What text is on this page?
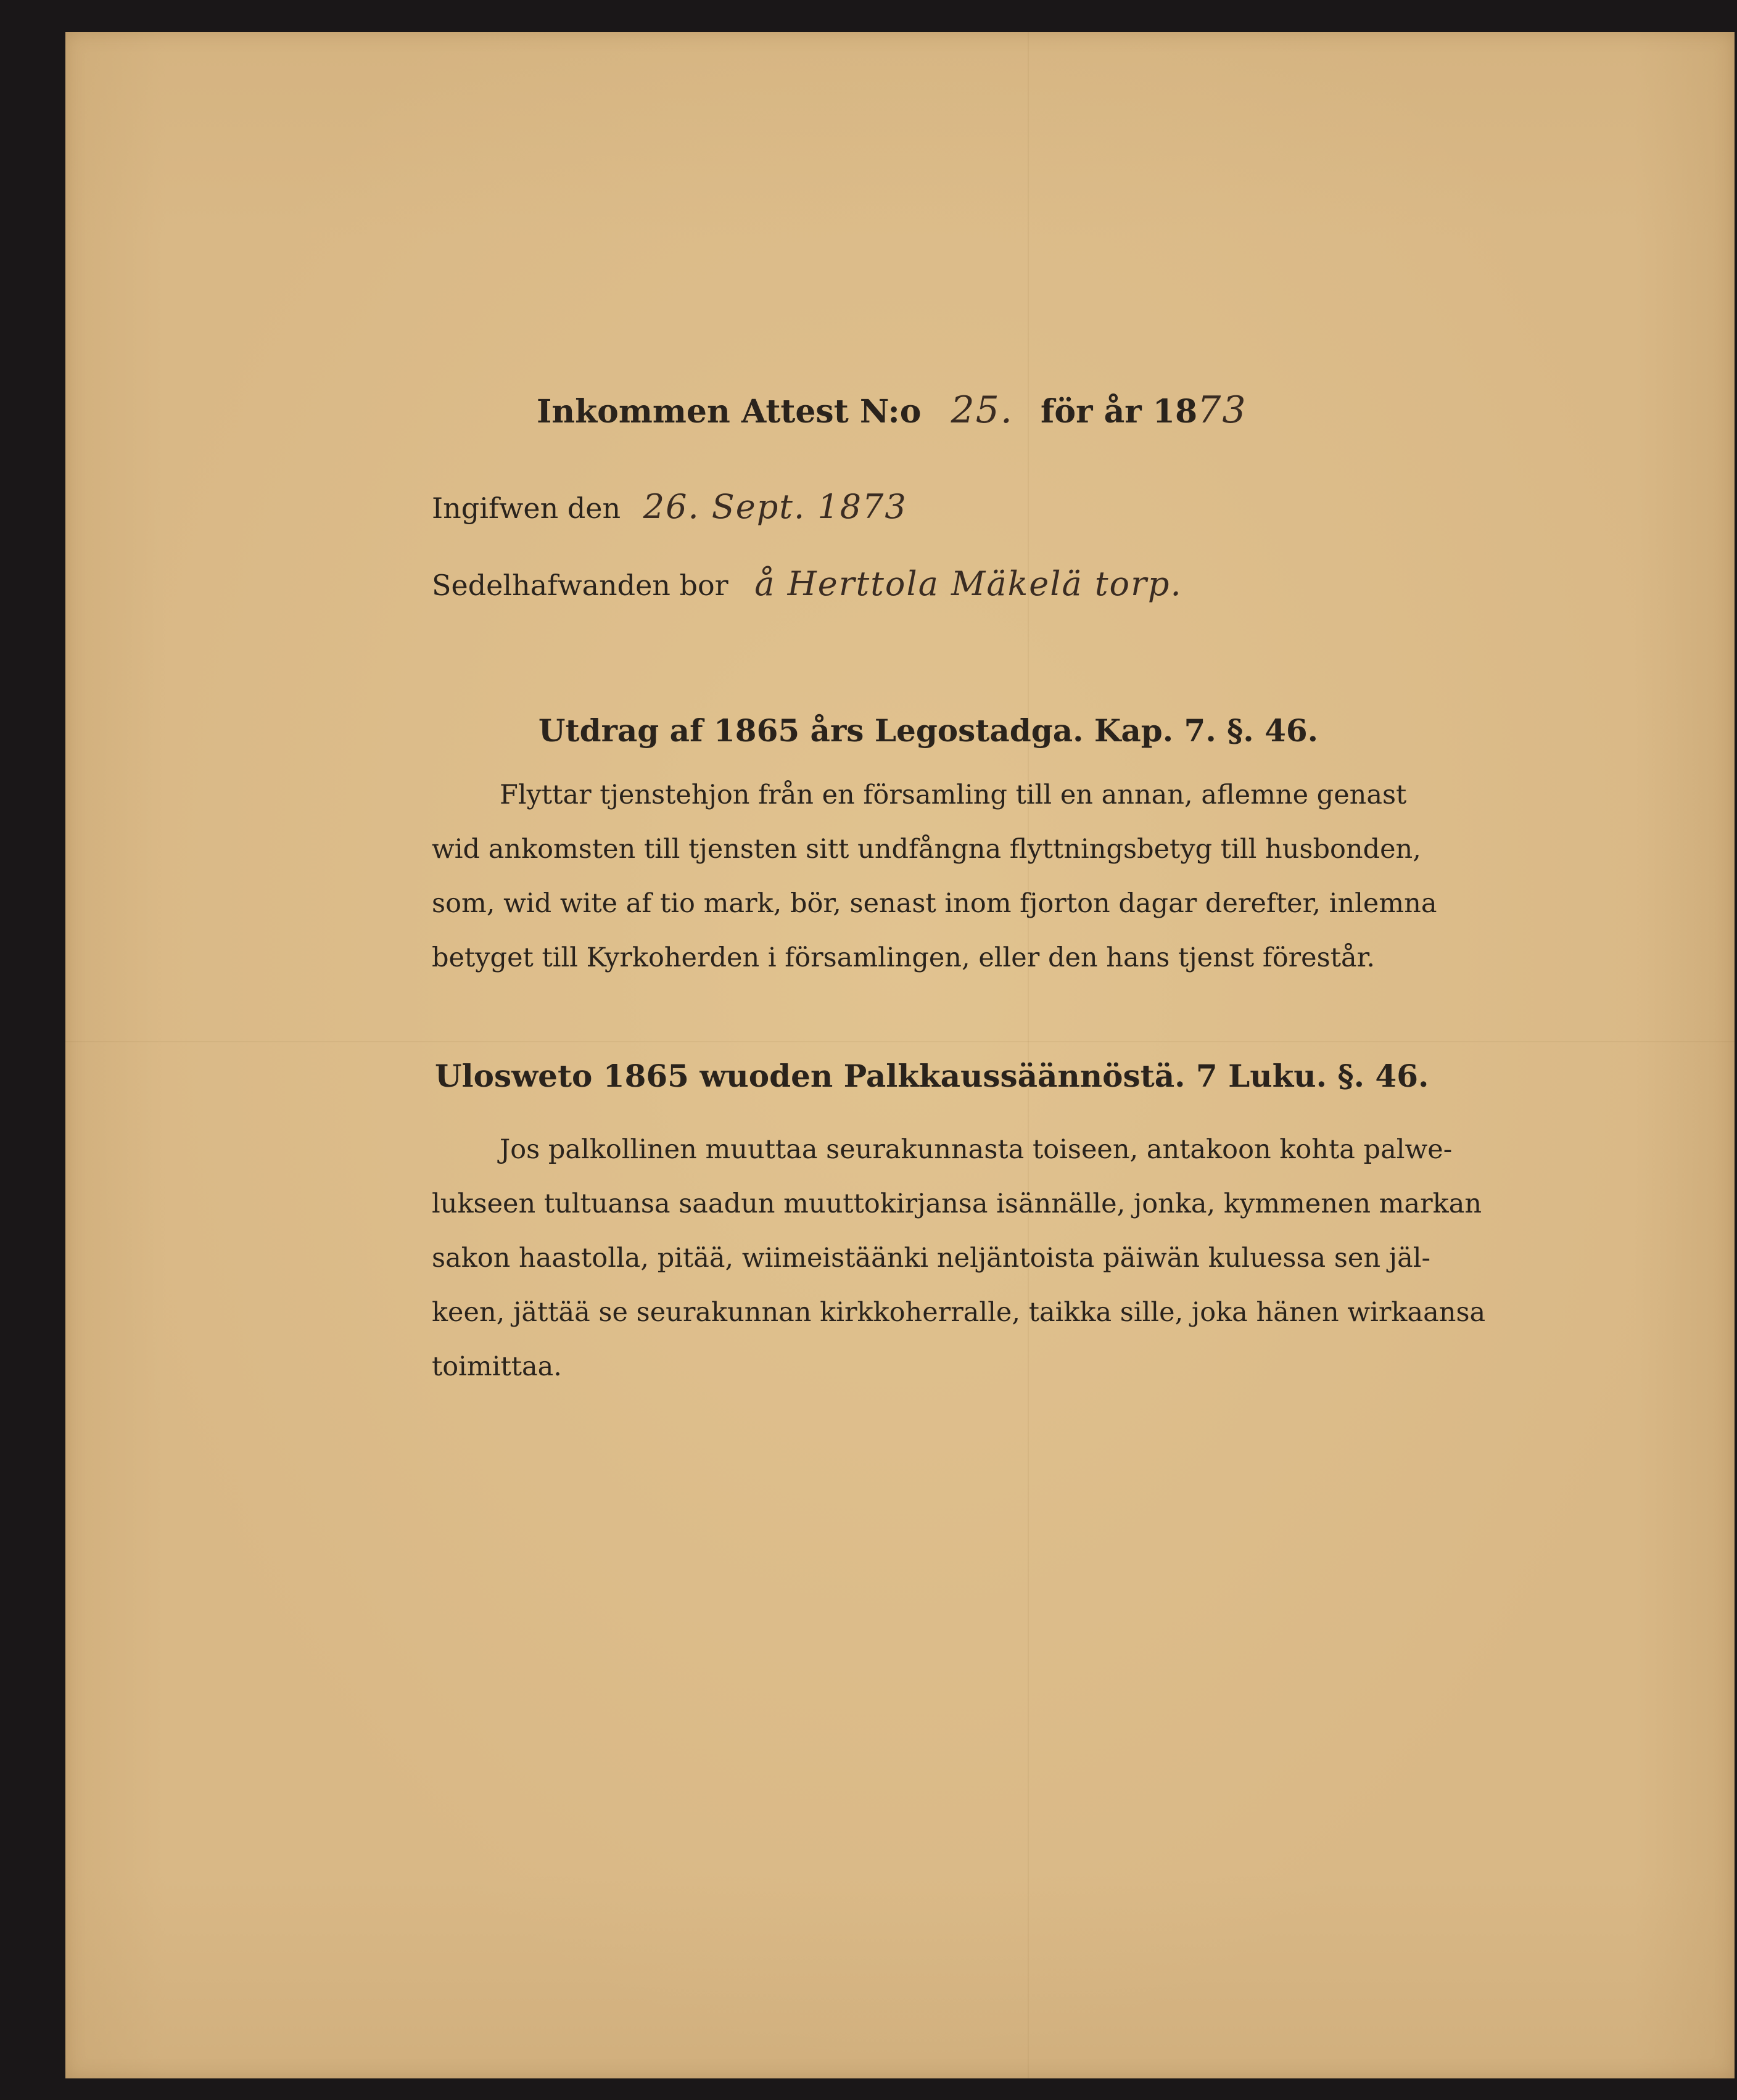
Inkommen Attest N:o 25. för år 1873
Ingifwen den 26. Sept. 1873
Sedelhafwanden bor å Herttola Mäkelä torp.
Utdrag af 1865 års Legostadga. Kap. 7. §. 46.
Flyttar tjenstehjon från en församling till en annan, aflemne genast
wid ankomsten till tjensten sitt undfångna flyttningsbetyg till husbonden,
som, wid wite af tio mark, bör, senast inom fjorton dagar derefter, inlemna
betyget till Kyrkoherden i församlingen, eller den hans tjenst förestår.
Ulosweto 1865 wuoden Palkkaussäännöstä. 7 Luku. §. 46.
Jos palkollinen muuttaa seurakunnasta toiseen, antakoon kohta palwe-
lukseen tultuansa saadun muuttokirjansa isännälle, jonka, kymmenen markan
sakon haastolla, pitää, wiimeistäänki neljäntoista päiwän kuluessa sen jäl-
keen, jättää se seurakunnan kirkkoherralle, taikka sille, joka hänen wirkaansa
toimittaa.
